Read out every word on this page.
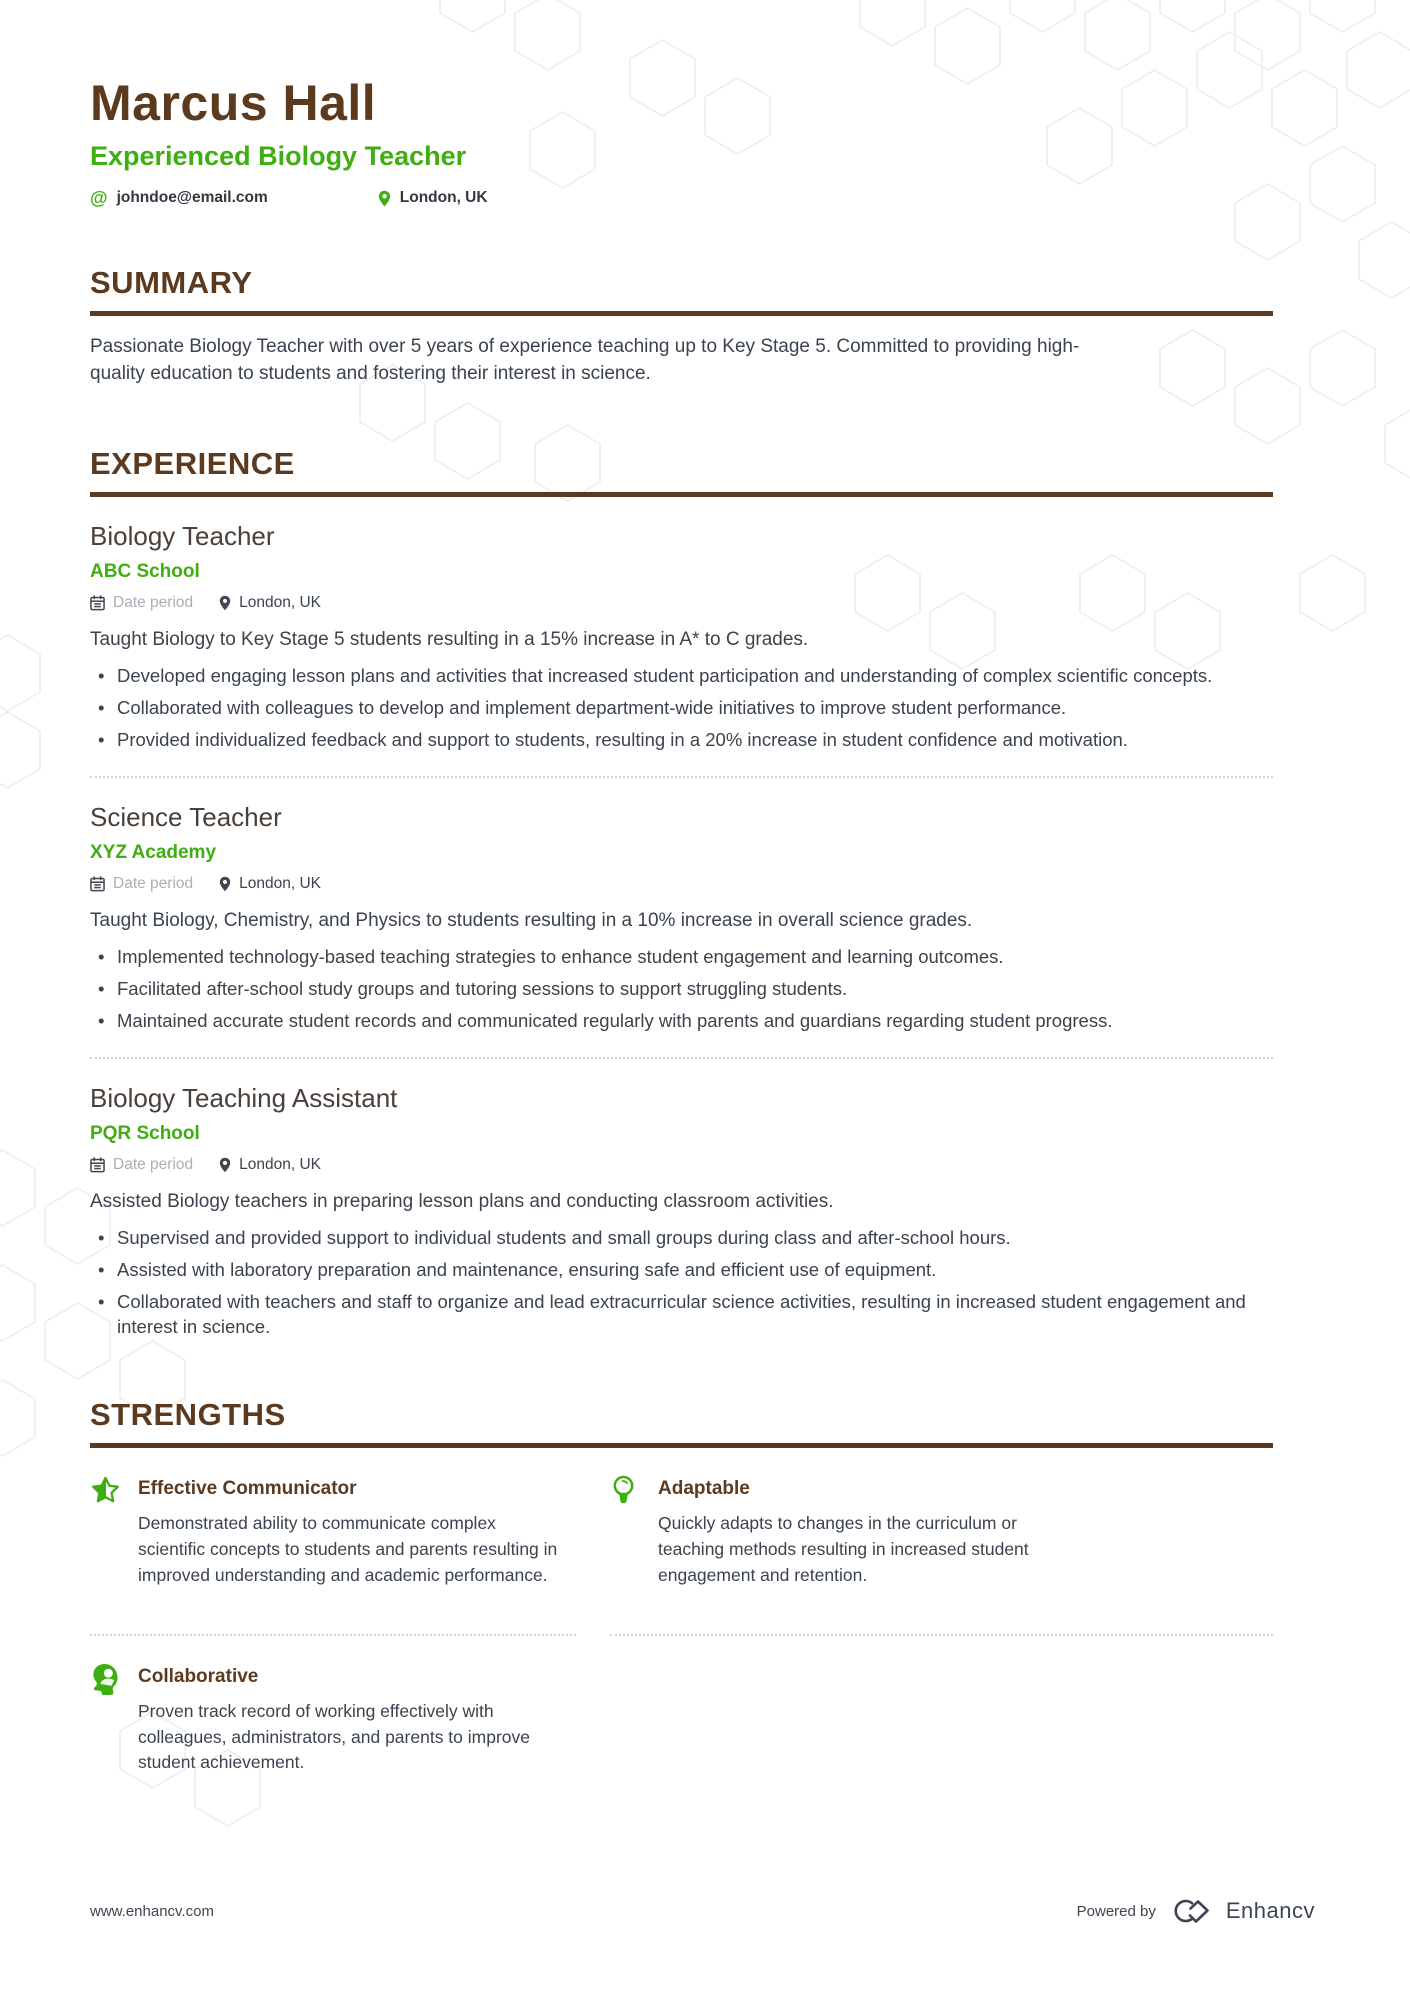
Marcus Hall
Experienced Biology Teacher
@ johndoe@email.com	London, UK
SUMMARY

Passionate Biology Teacher with over 5 years of experience teaching up to Key Stage 5. Committed to providing high-quality education to students and fostering their interest in science.

EXPERIENCE
Biology Teacher
ABC School
Date period	London, UK
Taught Biology to Key Stage 5 students resulting in a 15% increase in A* to C grades.
• Developed engaging lesson plans and activities that increased student participation and understanding of complex scientific concepts.
• Collaborated with colleagues to develop and implement department-wide initiatives to improve student performance.
• Provided individualized feedback and support to students, resulting in a 20% increase in student confidence and motivation.
Science Teacher
XYZ Academy
Date period	London, UK
Taught Biology, Chemistry, and Physics to students resulting in a 10% increase in overall science grades.
• Implemented technology-based teaching strategies to enhance student engagement and learning outcomes.
• Facilitated after-school study groups and tutoring sessions to support struggling students.
• Maintained accurate student records and communicated regularly with parents and guardians regarding student progress.
Biology Teaching Assistant
PQR School
Date period	London, UK
Assisted Biology teachers in preparing lesson plans and conducting classroom activities.
• Supervised and provided support to individual students and small groups during class and after-school hours.
• Assisted with laboratory preparation and maintenance, ensuring safe and efficient use of equipment.
• Collaborated with teachers and staff to organize and lead extracurricular science activities, resulting in increased student engagement and interest in science.
STRENGTHS
Effective Communicator

Demonstrated ability to communicate complex scientific concepts to students and parents resulting in improved understanding and academic performance.

Adaptable

Quickly adapts to changes in the curriculum or teaching methods resulting in increased student engagement and retention.

Collaborative

Proven track record of working effectively with colleagues, administrators, and parents to improve student achievement.

www.enhancv.com	Powered by	Enhancv
